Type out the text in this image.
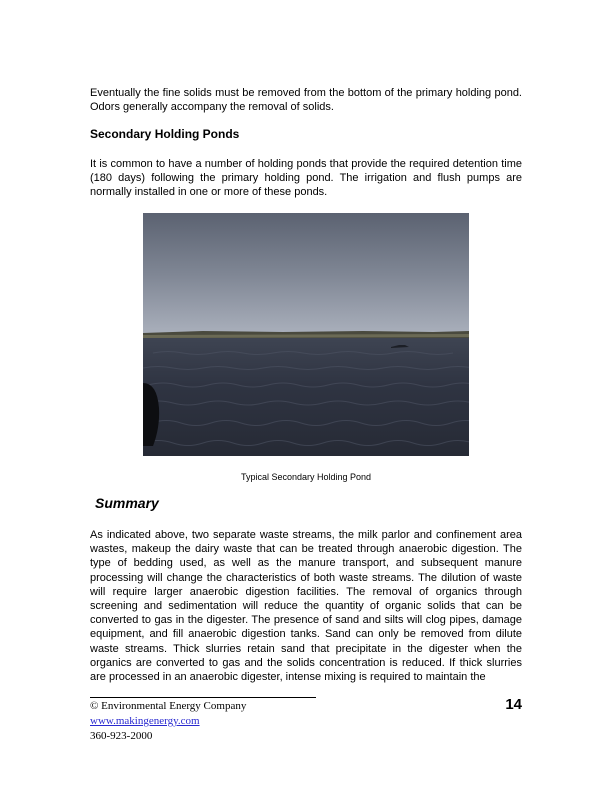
Eventually the fine solids must be removed from the bottom of the primary holding pond. Odors generally accompany the removal of solids.

Secondary Holding Ponds

It is common to have a number of holding ponds that provide the required detention time (180 days) following the primary holding pond. The irrigation and flush pumps are normally installed in one or more of these ponds.

Typical Secondary Holding Pond

Summary

As indicated above, two separate waste streams, the milk parlor and confinement area wastes, makeup the dairy waste that can be treated through anaerobic digestion. The type of bedding used, as well as the manure transport, and subsequent manure processing will change the characteristics of both waste streams. The dilution of waste will require larger anaerobic digestion facilities. The removal of organics through screening and sedimentation will reduce the quantity of organic solids that can be converted to gas in the digester. The presence of sand and silts will clog pipes, damage equipment, and fill anaerobic digestion tanks. Sand can only be removed from dilute waste streams. Thick slurries retain sand that precipitate in the digester when the organics are converted to gas and the solids concentration is reduced. If thick slurries are processed in an anaerobic digester, intense mixing is required to maintain the

© Environmental Energy Company

www.makingenergy.com

360-923-2000

14
